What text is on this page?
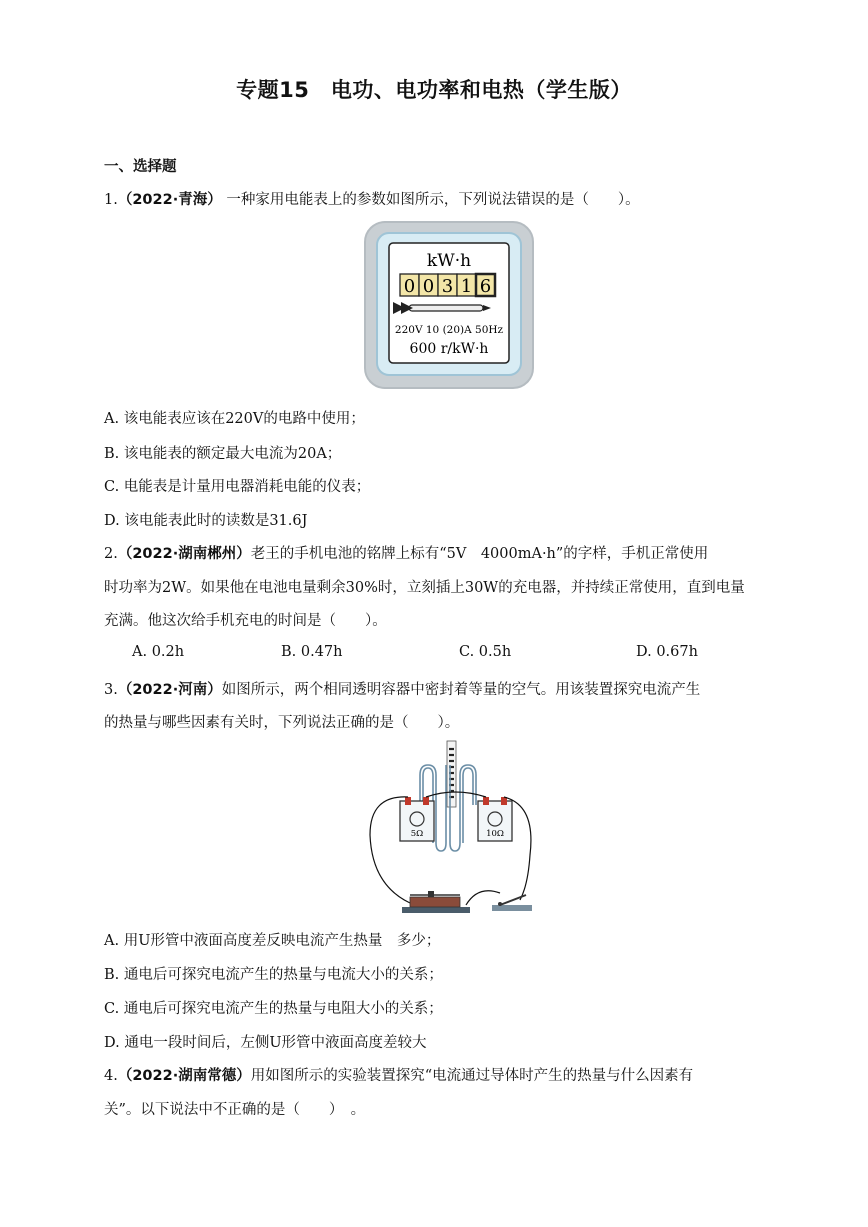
专题15　电功、电功率和电热（学生版）
一、选择题
1.（2022·青海） 一种家用电能表上的参数如图所示，下列说法错误的是（　　）。
kW·h
0 0 3 1 6
220V 10 (20)A 50Hz
600 r/kW·h
A. 该电能表应该在220V的电路中使用；
B. 该电能表的额定最大电流为20A；
C. 电能表是计量用电器消耗电能的仪表；
D. 该电能表此时的读数是31.6J
2.（2022·湖南郴州）老王的手机电池的铭牌上标有“5V　4000mA·h”的字样，手机正常使用
时功率为2W。如果他在电池电量剩余30%时，立刻插上30W的充电器，并持续正常使用，直到电量
充满。他这次给手机充电的时间是（　　）。
A. 0.2h	B. 0.47h	C. 0.5h	D. 0.67h
3.（2022·河南）如图所示，两个相同透明容器中密封着等量的空气。用该装置探究电流产生
的热量与哪些因素有关时，下列说法正确的是（　　）。
5Ω	10Ω
A. 用U形管中液面高度差反映电流产生热量　多少；
B. 通电后可探究电流产生的热量与电流大小的关系；
C. 通电后可探究电流产生的热量与电阻大小的关系；
D. 通电一段时间后，左侧U形管中液面高度差较大
4.（2022·湖南常德）用如图所示的实验装置探究“电流通过导体时产生的热量与什么因素有
关”。以下说法中不正确的是（　　）　。
